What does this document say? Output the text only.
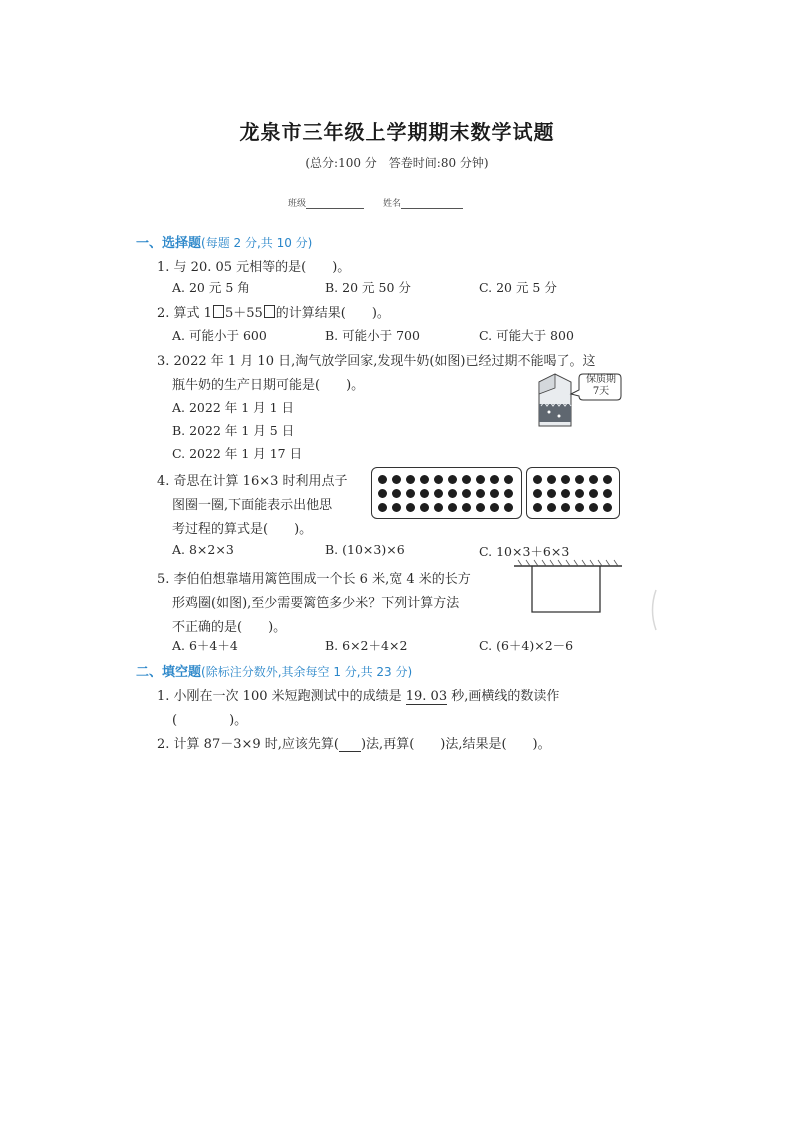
龙泉市三年级上学期期末数学试题
(总分:100 分　答卷时间:80 分钟)
班级	姓名
一、选择题(每题 2 分,共 10 分)
1. 与 20. 05 元相等的是(　　)。
A. 20 元 5 角	B. 20 元 50 分	C. 20 元 5 分
2. 算式 1 5＋55 的计算结果(　　)。
A. 可能小于 600	B. 可能小于 700	C. 可能大于 800
3. 2022 年 1 月 10 日,淘气放学回家,发现牛奶(如图)已经过期不能喝了。这
瓶牛奶的生产日期可能是(　　)。
A. 2022 年 1 月 1 日
B. 2022 年 1 月 5 日
C. 2022 年 1 月 17 日
保质期
7天
4. 奇思在计算 16×3 时利用点子
图圈一圈,下面能表示出他思
考过程的算式是(　　)。
A. 8×2×3	B. (10×3)×6	C. 10×3＋6×3
5. 李伯伯想靠墙用篱笆围成一个长 6 米,宽 4 米的长方
形鸡圈(如图),至少需要篱笆多少米？下列计算方法
不正确的是(　　)。
A. 6＋4＋4	B. 6×2＋4×2	C. (6＋4)×2－6
二、填空题(除标注分数外,其余每空 1 分,共 23 分)
1. 小刚在一次 100 米短跑测试中的成绩是 19. 03 秒,画横线的数读作
(　　　　)。
2. 计算 87－3×9 时,应该先算( )法,再算(　　)法,结果是(　　)。
